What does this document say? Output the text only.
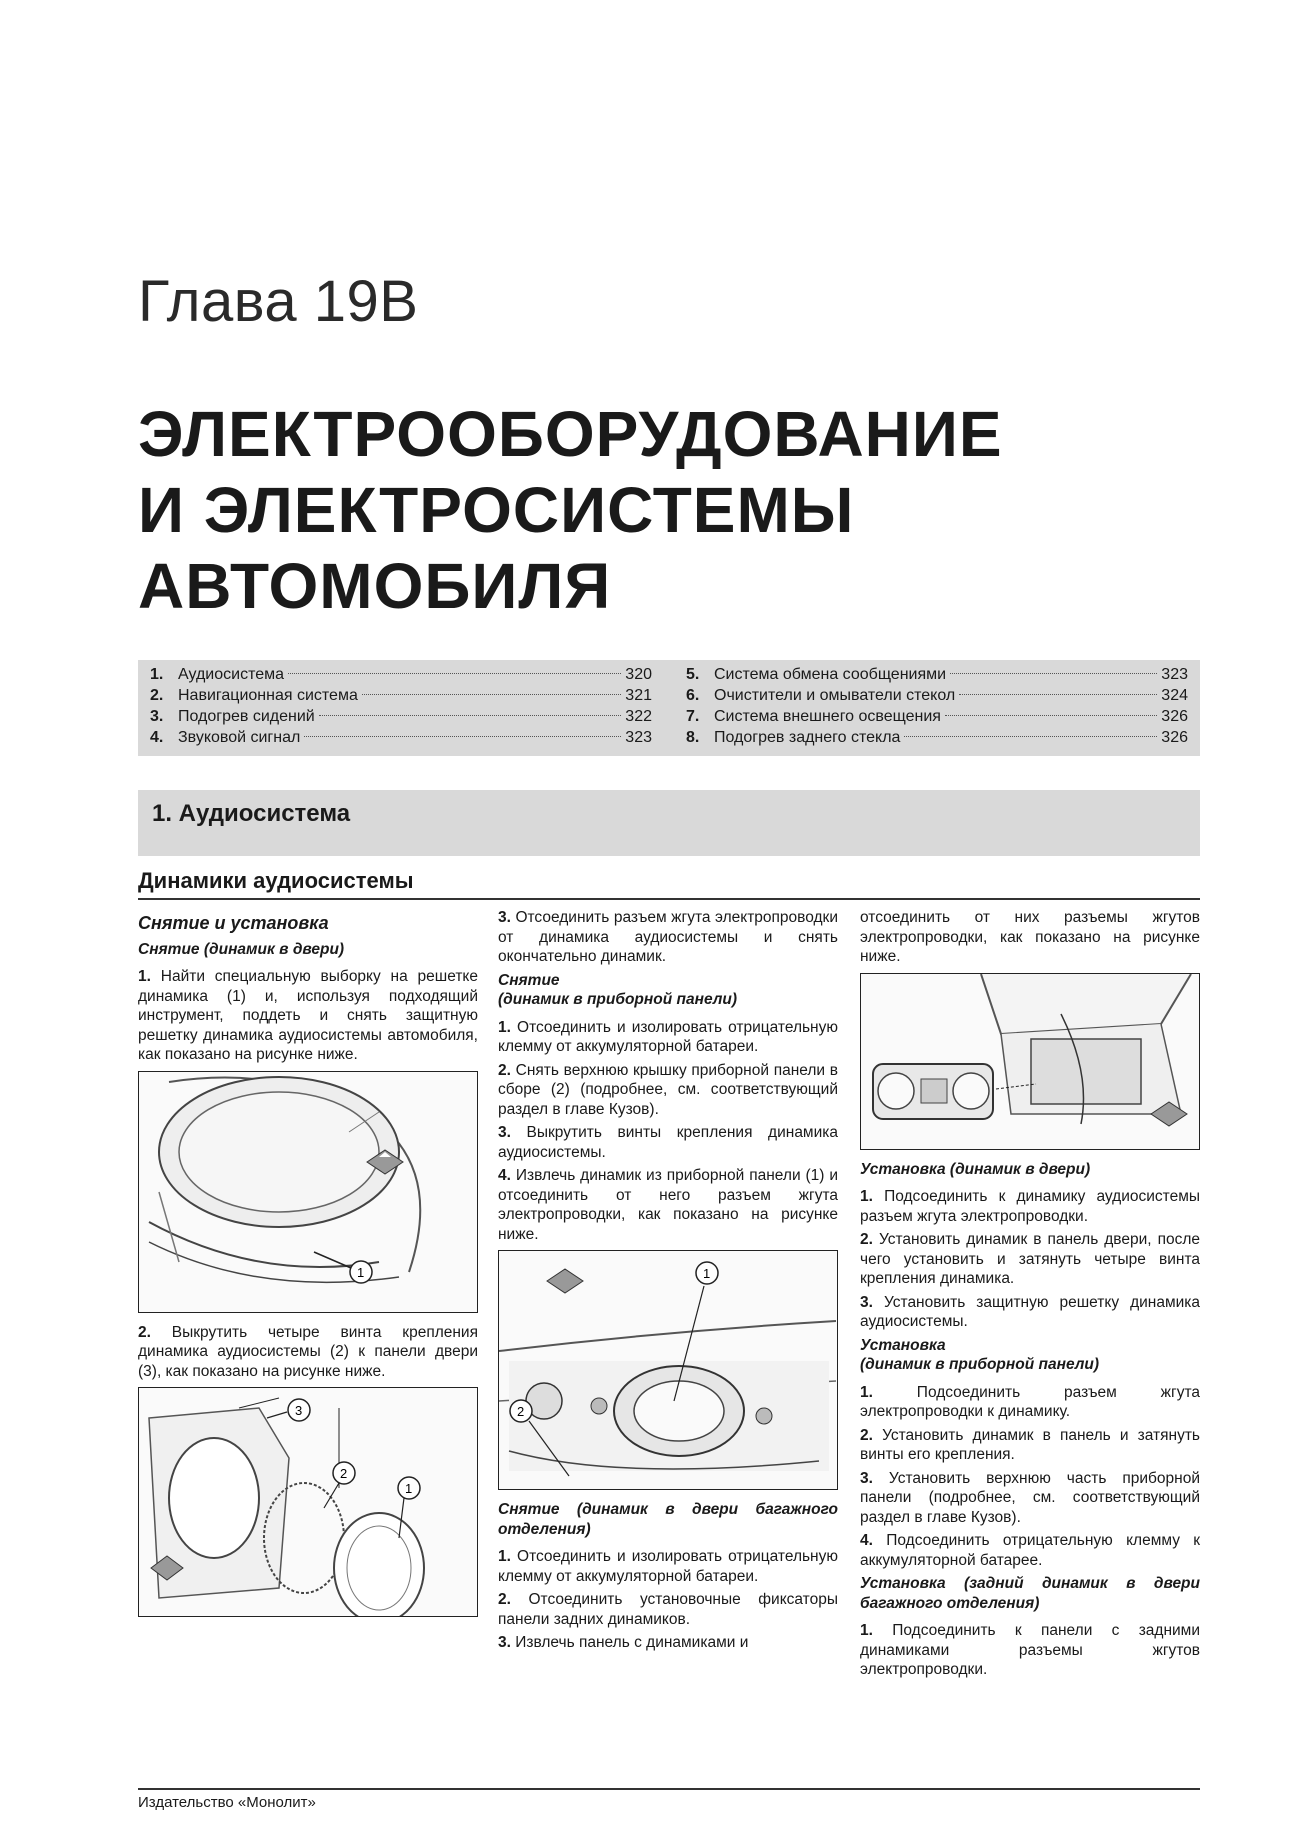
Глава 19В
ЭЛЕКТРООБОРУДОВАНИЕ
И ЭЛЕКТРОСИСТЕМЫ
АВТОМОБИЛЯ
1. Аудиосистема	320
2. Навигационная система	321
3. Подогрев сидений	322
4. Звуковой сигнал	323
5. Система обмена сообщениями	323
6. Очистители и омыватели стекол	324
7. Система внешнего освещения	326
8. Подогрев заднего стекла	326
1. Аудиосистема
Динамики аудиосистемы
Снятие и установка
Снятие (динамик в двери)

1. Найти специальную выборку на решетке динамика (1) и, используя подходящий инструмент, поддеть и снять защитную решетку динамика аудиосистемы автомобиля, как показано на рисунке ниже.

1

2. Выкрутить четыре винта крепления динамика аудиосистемы (2) к панели двери (3), как показано на рисунке ниже.

3
2
1

3. Отсоединить разъем жгута электропроводки от динамика аудиосистемы и снять окончательно динамик.

Снятие
(динамик в приборной панели)

1. Отсоединить и изолировать отрицательную клемму от аккумуляторной батареи.

2. Снять верхнюю крышку приборной панели в сборе (2) (подробнее, см. соответствующий раздел в главе Кузов).

3. Выкрутить винты крепления динамика аудиосистемы.

4. Извлечь динамик из приборной панели (1) и отсоединить от него разъем жгута электропроводки, как показано на рисунке ниже.

1
2
Снятие (динамик в двери багажного отделения)

1. Отсоединить и изолировать отрицательную клемму от аккумуляторной батареи.

2. Отсоединить установочные фиксаторы панели задних динамиков.

3. Извлечь панель с динамиками и

отсоединить от них разъемы жгутов электропроводки, как показано на рисунке ниже.

Установка (динамик в двери)

1. Подсоединить к динамику аудиосистемы разъем жгута электропроводки.

2. Установить динамик в панель двери, после чего установить и затянуть четыре винта крепления динамика.

3. Установить защитную решетку динамика аудиосистемы.

Установка
(динамик в приборной панели)

1.	Подсоединить разъем жгута электропроводки к динамику.

2. Установить динамик в панель и затянуть винты его крепления.

3. Установить верхнюю часть приборной панели (подробнее, см. соответствующий раздел в главе Кузов).

4. Подсоединить отрицательную клемму к аккумуляторной батарее.

Установка (задний динамик в двери багажного отделения)

1. Подсоединить к панели с задними динамиками разъемы жгутов электропроводки.

Издательство «Монолит»
